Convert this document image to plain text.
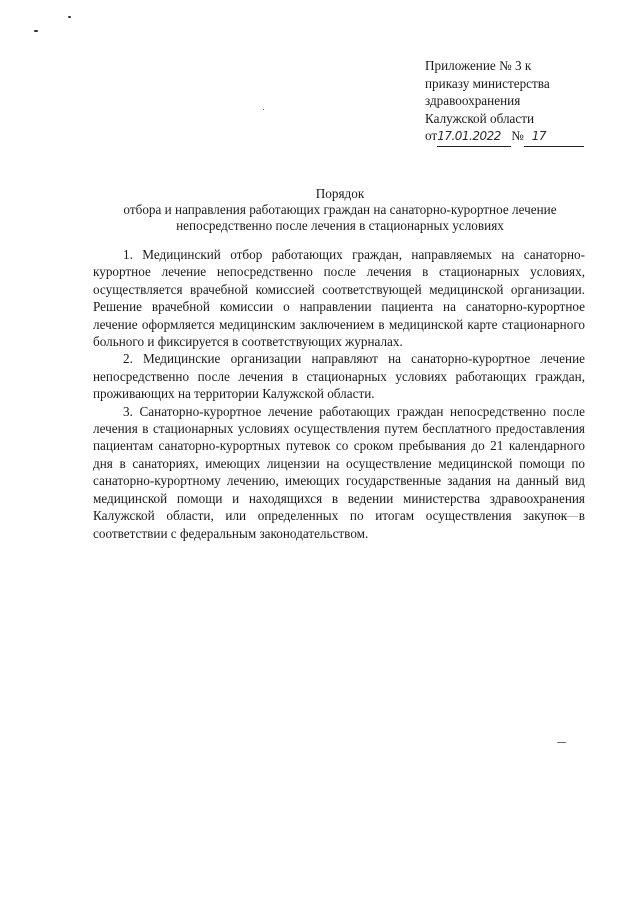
Приложение № 3 к
приказу министерства
здравоохранения
Калужской области
от17.01.2022 № 17
Порядок
отбора и направления работающих граждан на санаторно-курортное лечение
непосредственно после лечения в стационарных условиях

1. Медицинский отбор работающих граждан, направляемых на санаторно-курортное лечение непосредственно после лечения в стационарных условиях, осуществляется врачебной комиссией соответствующей медицинской организации. Решение врачебной комиссии о направлении пациента на санаторно-курортное лечение оформляется медицинским заключением в медицинской карте стационарного больного и фиксируется в соответствующих журналах.

2. Медицинские организации направляют на санаторно-курортное лечение непосредственно после лечения в стационарных условиях работающих граждан, проживающих на территории Калужской области.

3. Санаторно-курортное лечение работающих граждан непосредственно после лечения в стационарных условиях осуществления путем бесплатного предоставления пациентам санаторно-курортных путевок со сроком пребывания до 21 календарного дня в санаториях, имеющих лицензии на осуществление медицинской помощи по санаторно-курортному лечению, имеющих государственные задания на данный вид медицинской помощи и находящихся в ведении министерства здравоохранения Калужской области, или определенных по итогам осуществления закупок в соответствии с федеральным законодательством.
